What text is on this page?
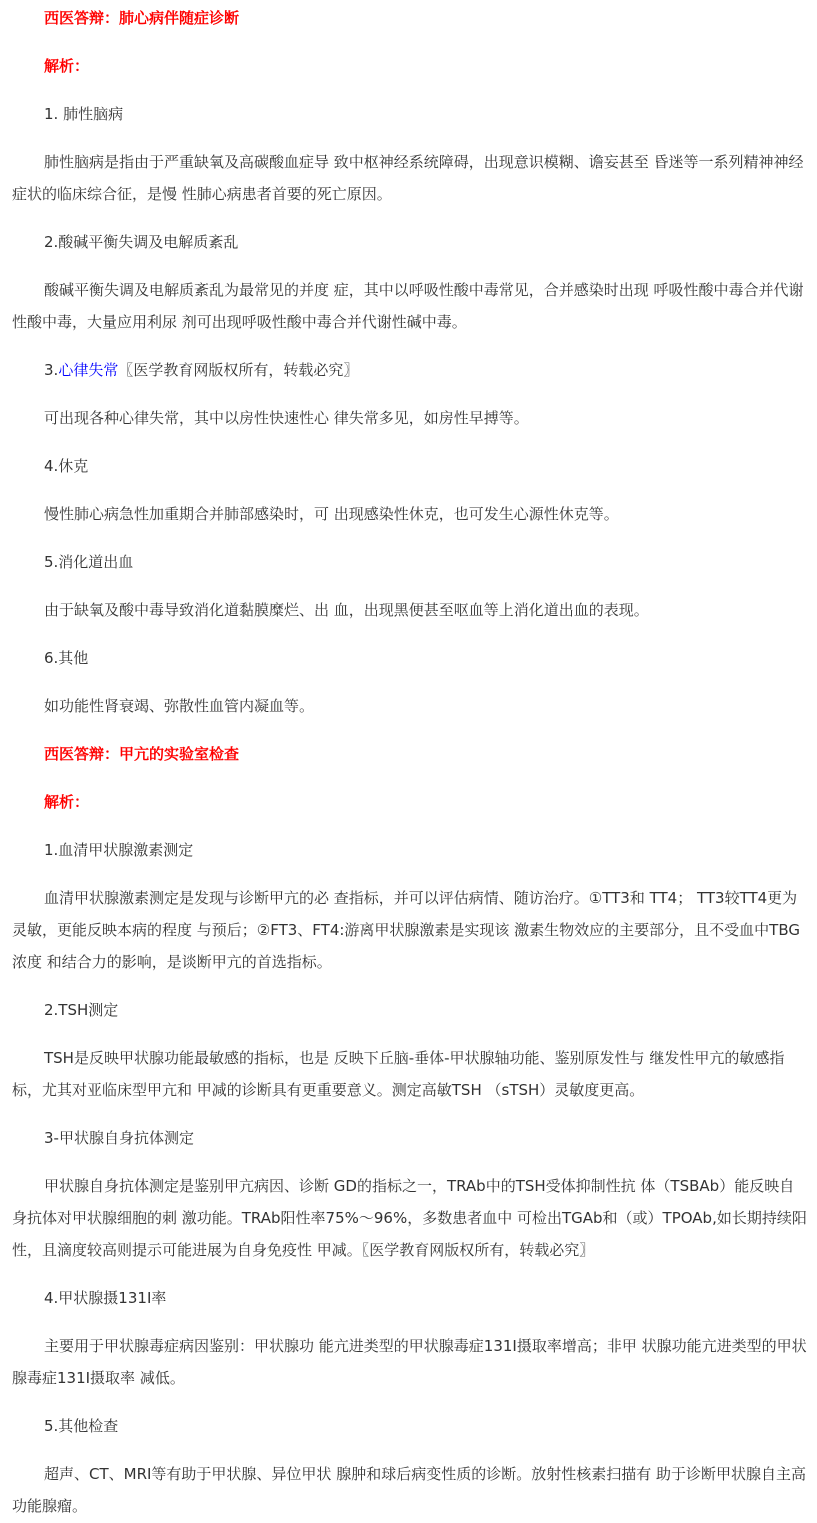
西医答辩：肺心病伴随症诊断

解析：

1. 肺性脑病

肺性脑病是指由于严重缺氧及高碳酸血症导 致中枢神经系统障碍，出现意识模糊、谵妄甚至 昏迷等一系列精神神经症状的临床综合征，是慢 性肺心病患者首要的死亡原因。

2.酸碱平衡失调及电解质紊乱

酸碱平衡失调及电解质紊乱为最常见的并度 症，其中以呼吸性酸中毒常见，合并感染时出现 呼吸性酸中毒合并代谢性酸中毒，大量应用利尿 剂可出现呼吸性酸中毒合并代谢性碱中毒。

3.心律失常〖医学教育网版权所有，转载必究〗

可出现各种心律失常，其中以房性快速性心 律失常多见，如房性早搏等。

4.休克

慢性肺心病急性加重期合并肺部感染时，可 出现感染性休克，也可发生心源性休克等。

5.消化道出血

由于缺氧及酸中毒导致消化道黏膜糜烂、出 血，出现黑便甚至呕血等上消化道出血的表现。

6.其他

如功能性肾衰竭、弥散性血管内凝血等。

西医答辩：甲亢的实验室检查

解析：

1.血清甲状腺激素测定

血清甲状腺激素测定是发现与诊断甲亢的必 查指标，并可以评估病情、随访治疗。①TT3和 TT4； TT3较TT4更为灵敏，更能反映本病的程度 与预后；②FT3、FT4:游离甲状腺激素是实现该 激素生物效应的主要部分，且不受血中TBG浓度 和结合力的影响，是谈断甲亢的首选指标。

2.TSH测定

TSH是反映甲状腺功能最敏感的指标，也是 反映下丘脑-垂体-甲状腺轴功能、鉴别原发性与 继发性甲亢的敏感指标，尤其对亚临床型甲亢和 甲减的诊断具有更重要意义。测定高敏TSH （sTSH）灵敏度更高。

3-甲状腺自身抗体测定

甲状腺自身抗体测定是鉴别甲亢病因、诊断 GD的指标之一，TRAb中的TSH受体抑制性抗 体（TSBAb）能反映自身抗体对甲状腺细胞的刺 激功能。TRAb阳性率75%～96%，多数患者血中 可检出TGAb和（或）TPOAb,如长期持续阳 性，且滴度较高则提示可能进展为自身免疫性 甲减。〖医学教育网版权所有，转载必究〗

4.甲状腺摄131I率

主要用于甲状腺毒症病因鉴别：甲状腺功 能亢进类型的甲状腺毒症131I摄取率增高；非甲 状腺功能亢进类型的甲状腺毒症131I摄取率 减低。

5.其他检查

超声、CT、MRI等有助于甲状腺、异位甲状 腺肿和球后病变性质的诊断。放射性核素扫描有 助于诊断甲状腺自主高功能腺瘤。
